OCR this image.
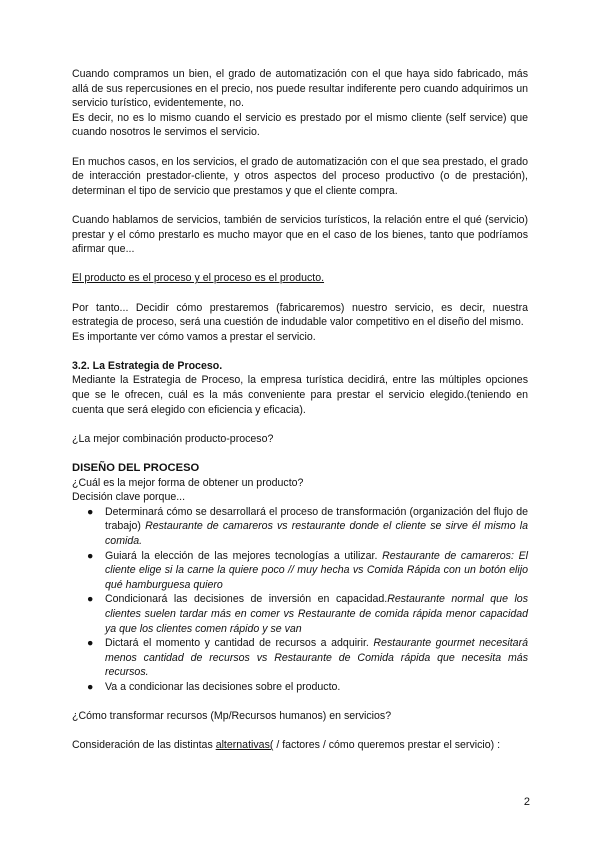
Cuando compramos un bien, el grado de automatización con el que haya sido fabricado, más allá de sus repercusiones en el precio, nos puede resultar indiferente pero cuando adquirimos un servicio turístico, evidentemente, no.

Es decir, no es lo mismo cuando el servicio es prestado por el mismo cliente (self service) que cuando nosotros le servimos el servicio.

En muchos casos, en los servicios, el grado de automatización con el que sea prestado, el grado de interacción prestador-cliente, y otros aspectos del proceso productivo (o de prestación), determinan el tipo de servicio que prestamos y que el cliente compra.

Cuando hablamos de servicios, también de servicios turísticos, la relación entre el qué (servicio) prestar y el cómo prestarlo es mucho mayor que en el caso de los bienes, tanto que podríamos afirmar que...

El producto es el proceso y el proceso es el producto.

Por tanto... Decidir cómo prestaremos (fabricaremos) nuestro servicio, es decir, nuestra estrategia de proceso, será una cuestión de indudable valor competitivo en el diseño del mismo.

Es importante ver cómo vamos a prestar el servicio.

3.2. La Estrategia de Proceso.

Mediante la Estrategia de Proceso, la empresa turística decidirá, entre las múltiples opciones que se le ofrecen, cuál es la más conveniente para prestar el servicio elegido.(teniendo en cuenta que será elegido con eficiencia y eficacia).

¿La mejor combinación producto-proceso?

DISEÑO DEL PROCESO

¿Cuál es la mejor forma de obtener un producto?

Decisión clave porque...

● Determinará cómo se desarrollará el proceso de transformación (organización del flujo de trabajo) Restaurante de camareros vs restaurante donde el cliente se sirve él mismo la comida.
● Guiará la elección de las mejores tecnologías a utilizar. Restaurante de camareros: El cliente elige si la carne la quiere poco // muy hecha vs Comida Rápida con un botón elijo qué hamburguesa quiero
● Condicionará las decisiones de inversión en capacidad.Restaurante normal que los clientes suelen tardar más en comer vs Restaurante de comida rápida menor capacidad ya que los clientes comen rápido y se van
● Dictará el momento y cantidad de recursos a adquirir. Restaurante gourmet necesitará menos cantidad de recursos vs Restaurante de Comida rápida que necesita más recursos.
● Va a condicionar las decisiones sobre el producto.

¿Cómo transformar recursos (Mp/Recursos humanos) en servicios?

Consideración de las distintas alternativas( / factores / cómo queremos prestar el servicio) :

2
